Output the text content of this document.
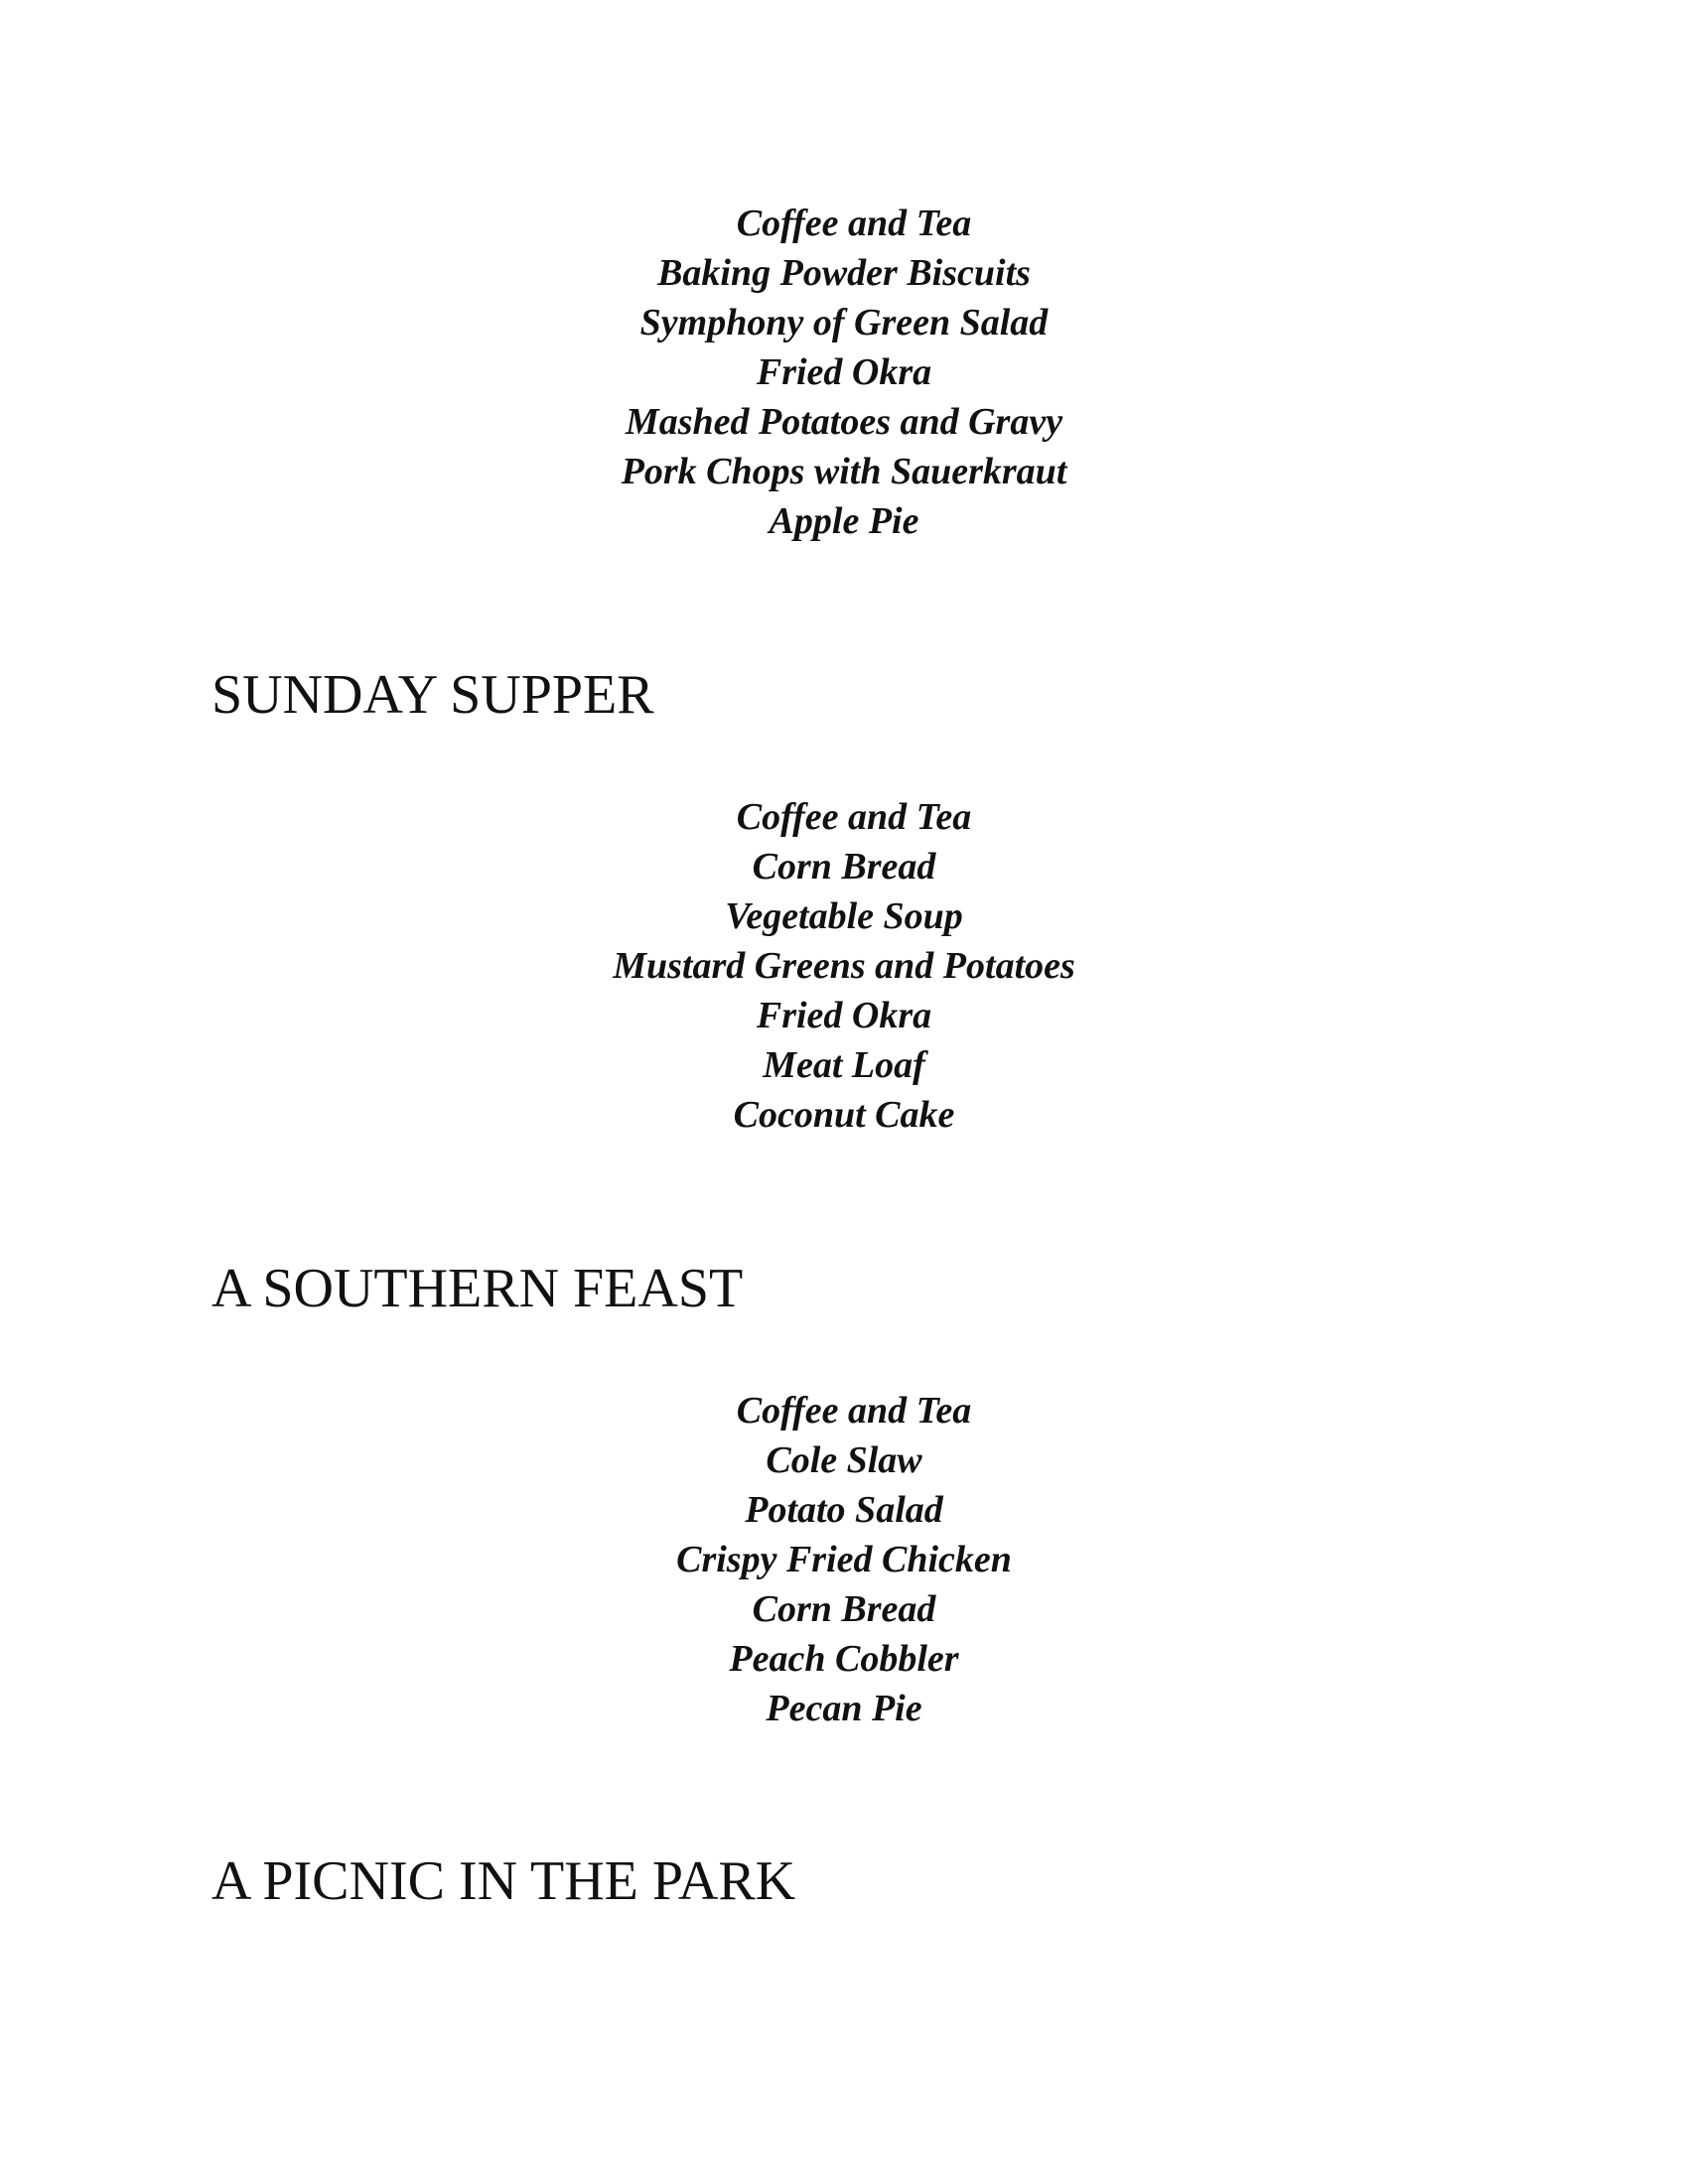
Coffee and Tea
Baking Powder Biscuits
Symphony of Green Salad
Fried Okra
Mashed Potatoes and Gravy
Pork Chops with Sauerkraut
Apple Pie
SUNDAY SUPPER
Coffee and Tea
Corn Bread
Vegetable Soup
Mustard Greens and Potatoes
Fried Okra
Meat Loaf
Coconut Cake
A SOUTHERN FEAST
Coffee and Tea
Cole Slaw
Potato Salad
Crispy Fried Chicken
Corn Bread
Peach Cobbler
Pecan Pie
A PICNIC IN THE PARK
